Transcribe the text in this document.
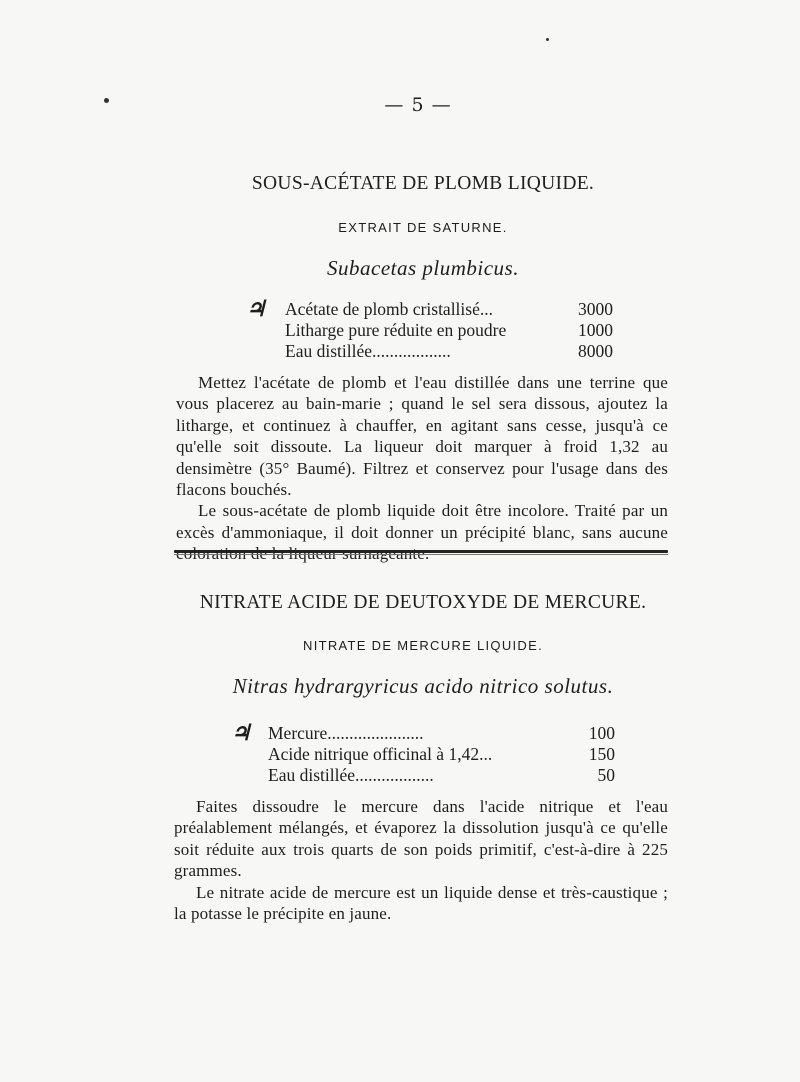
— 5 —
SOUS-ACÉTATE DE PLOMB LIQUIDE.
EXTRAIT DE SATURNE.
Subacetas plumbicus.
♃ Acétate de plomb cristallisé...	3000
Litharge pure réduite en poudre	1000
Eau distillée..................	8000

Mettez l'acétate de plomb et l'eau distillée dans une terrine que vous placerez au bain-marie ; quand le sel sera dissous, ajoutez la litharge, et continuez à chauffer, en agitant sans cesse, jusqu'à ce qu'elle soit dissoute. La liqueur doit marquer à froid 1,32 au densimètre (35° Baumé). Filtrez et conservez pour l'usage dans des flacons bouchés.

Le sous-acétate de plomb liquide doit être incolore. Traité par un excès d'ammoniaque, il doit donner un précipité blanc, sans aucune

NITRATE ACIDE DE DEUTOXYDE DE MERCURE.
NITRATE DE MERCURE LIQUIDE.
Nitras hydrargyricus acido nitrico solutus.
♃ Mercure......................	100
Acide nitrique officinal à 1,42...	150
Eau distillée..................	50

Faites dissoudre le mercure dans l'acide nitrique et l'eau préalablement mélangés, et évaporez la dissolution jusqu'à ce qu'elle soit réduite aux trois quarts de son poids primitif, c'est-à-dire à 225 grammes.

Le nitrate acide de mercure est un liquide dense et très-caustique ; la potasse le précipite en jaune.
